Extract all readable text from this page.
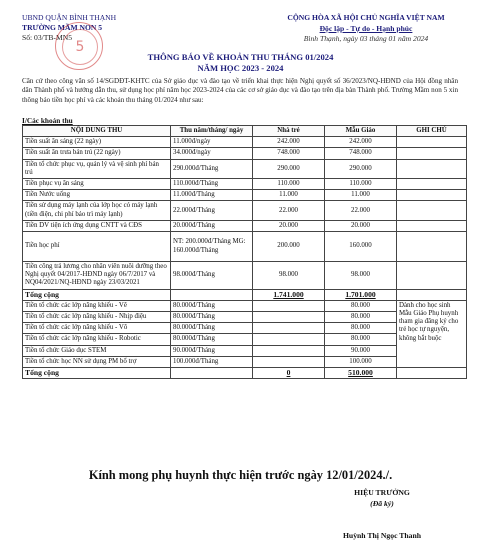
UBND QUẬN BÌNH THẠNH
TRƯỜNG MẦM NON 5
Số: 03/TB-MN5
5
CỘNG HÒA XÃ HỘI CHỦ NGHĨA VIỆT NAM
Độc lập - Tự do - Hạnh phúc
Bình Thạnh, ngày 03 tháng 01 năm 2024
THÔNG BÁO VỀ KHOẢN THU THÁNG 01/2024
NĂM HỌC 2023 - 2024
Căn cứ theo công văn số 14/SGDĐT-KHTC của Sở giáo dục và đào tạo về triển khai thực hiện Nghị quyết số 36/2023/NQ-HĐND của Hội đồng nhân dân Thành phố và hướng dẫn thu, sử dụng học phí năm học 2023-2024 của các cơ sở giáo dục và đào tạo trên địa bàn Thành phố. Trường Mầm non 5 xin thông báo tiền học phí và các khoản thu tháng 01/2024 như sau:
I/Các khoản thu
NỘI DUNG THU	Thu năm/tháng/ ngày	Nhà trẻ	Mẫu Giáo	GHI CHÚ
Tiền suất ăn sáng (22 ngày)	11.000đ/ngày	242.000	242.000	
Tiền suất ăn trưa bán trú (22 ngày)	34.000đ/ngày	748.000	748.000	
Tiền tổ chức phục vụ, quản lý và vệ sinh phí bán trú	290.000đ/Tháng	290.000	290.000	
Tiền phục vụ ăn sáng	110.000đ/Tháng	110.000	110.000	
Tiền Nước uống	11.000đ/Tháng	11.000	11.000	
Tiền sử dụng máy lạnh của lớp học có máy lạnh (tiền điện, chi phí bảo trì máy lạnh)	22.000đ/Tháng	22.000	22.000	
Tiền DV tiện ích ứng dụng CNTT và CĐS	20.000đ/Tháng	20.000	20.000	
Tiền học phí	NT: 200.000đ/Tháng MG: 160.000đ/Tháng	200.000	160.000	
Tiền công trả lương cho nhân viên nuôi dưỡng theo Nghị quyết 04/2017-HĐND ngày 06/7/2017 và NQ04/2021/NQ-HĐND ngày 23/03/2021	98.000đ/Tháng	98.000	98.000	
Tổng cộng		1.741.000	1.701.000	
Tiền tổ chức các lớp năng khiếu - Vẽ	80.000đ/Tháng		80.000	Dành cho học sinh Mẫu Giáo Phụ huynh tham gia đăng ký cho trẻ học tự nguyện, không bắt buộc
Tiền tổ chức các lớp năng khiếu - Nhịp điệu	80.000đ/Tháng		80.000	
Tiền tổ chức các lớp năng khiếu - Võ	80.000đ/Tháng		80.000	
Tiền tổ chức các lớp năng khiếu - Robotic	80.000đ/Tháng		80.000	
Tiền tổ chức Giáo dục STEM	90.000đ/Tháng		90.000	
Tiền tổ chức học NN sử dụng PM bổ trợ	100.000đ/Tháng		100.000	
Tổng cộng		0	510.000	
Kính mong phụ huynh thực hiện trước ngày 12/01/2024./.
HIỆU TRƯỞNG
(Đã ký)
Huỳnh Thị Ngọc Thanh
